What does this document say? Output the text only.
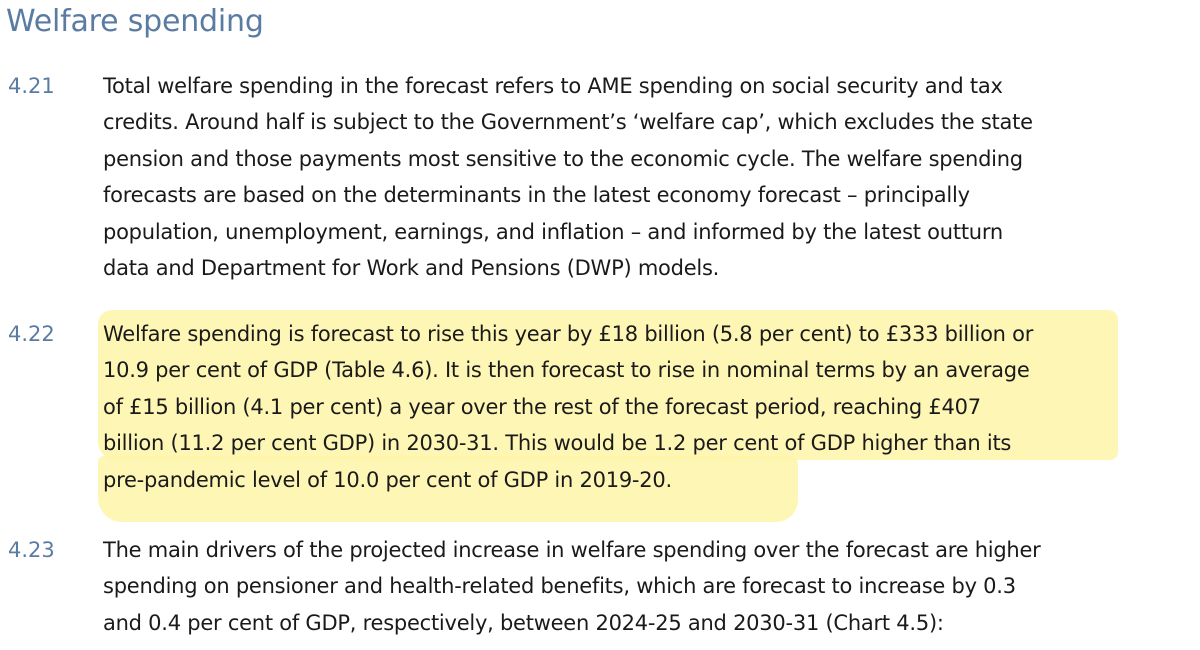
Welfare spending
4.21 Total welfare spending in the forecast refers to AME spending on social security and tax
credits. Around half is subject to the Government’s ‘welfare cap’, which excludes the state
pension and those payments most sensitive to the economic cycle. The welfare spending
forecasts are based on the determinants in the latest economy forecast – principally
population, unemployment, earnings, and inflation – and informed by the latest outturn
data and Department for Work and Pensions (DWP) models.
4.22 Welfare spending is forecast to rise this year by £18 billion (5.8 per cent) to £333 billion or
10.9 per cent of GDP (Table 4.6). It is then forecast to rise in nominal terms by an average
of £15 billion (4.1 per cent) a year over the rest of the forecast period, reaching £407
billion (11.2 per cent GDP) in 2030-31. This would be 1.2 per cent of GDP higher than its
pre-pandemic level of 10.0 per cent of GDP in 2019-20.
4.23 The main drivers of the projected increase in welfare spending over the forecast are higher
spending on pensioner and health-related benefits, which are forecast to increase by 0.3
and 0.4 per cent of GDP, respectively, between 2024-25 and 2030-31 (Chart 4.5):
